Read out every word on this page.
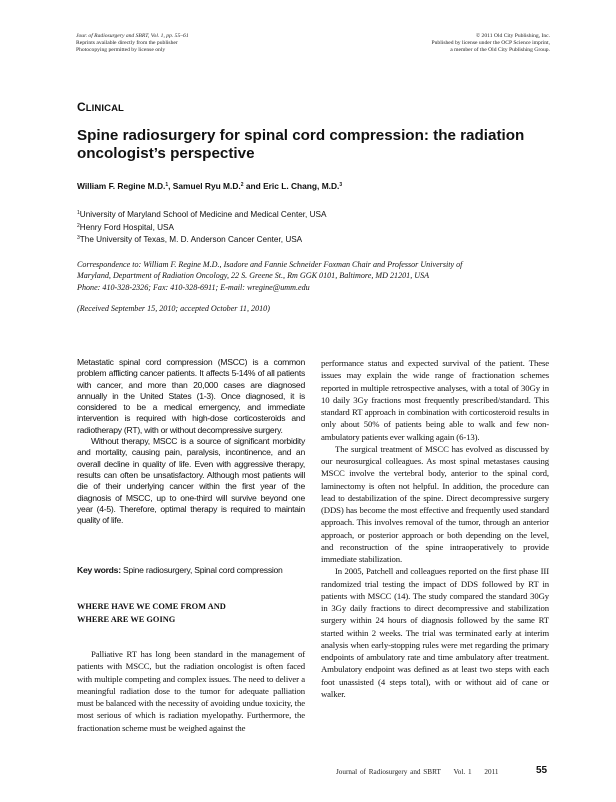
Jour. of Radiosurgery and SBRT, Vol. 1, pp. 55–61
Reprints available directly from the publisher
Photocopying permitted by license only
© 2011 Old City Publishing, Inc.
Published by license under the OCP Science imprint,
a member of the Old City Publishing Group.
CLINICAL
Spine radiosurgery for spinal cord compression: the radiation oncologist’s perspective
William F. Regine M.D.$^1$, Samuel Ryu M.D.$^2$ and Eric L. Chang, M.D.$^3$
$^1$University of Maryland School of Medicine and Medical Center, USA
$^2$Henry Ford Hospital, USA
$^3$The University of Texas, M. D. Anderson Cancer Center, USA
Correspondence to: William F. Regine M.D., Isadore and Fannie Schneider Foxman Chair and Professor University of
Maryland, Department of Radiation Oncology, 22 S. Greene St., Rm GGK 0101, Baltimore, MD 21201, USA
Phone: 410-328-2326; Fax: 410-328-6911; E-mail: wregine@umm.edu
(Received September 15, 2010; accepted October 11, 2010)

Metastatic spinal cord compression (MSCC) is a common problem afflicting cancer patients. It affects 5-14% of all patients with cancer, and more than 20,000 cases are diagnosed annually in the United States (1-3). Once diagnosed, it is considered to be a medical emergency, and immediate intervention is required with high-dose corticosteroids and radiotherapy (RT), with or without decompressive surgery.

Without therapy, MSCC is a source of significant morbidity and mortality, causing pain, paralysis, incontinence, and an overall decline in quality of life. Even with aggressive therapy, results can often be unsatisfactory. Although most patients will die of their underlying cancer within the first year of the diagnosis of MSCC, up to one-third will survive beyond one year (4-5). Therefore, optimal therapy is required to maintain quality of life.

Key words: Spine radiosurgery, Spinal cord compression
WHERE HAVE WE COME FROM AND
WHERE ARE WE GOING

Palliative RT has long been standard in the management of patients with MSCC, but the radiation oncologist is often faced with multiple competing and complex issues. The need to deliver a meaningful radiation dose to the tumor for adequate palliation must be balanced with the necessity of avoiding undue toxicity, the most serious of which is radiation myelopathy. Furthermore, the fractionation scheme must be weighed against the

performance status and expected survival of the patient. These issues may explain the wide range of fractionation schemes reported in multiple retrospective analyses, with a total of 30Gy in 10 daily 3Gy fractions most frequently prescribed/standard. This standard RT approach in combination with corticosteroid results in only about 50% of patients being able to walk and few non-ambulatory patients ever walking again (6-13).

The surgical treatment of MSCC has evolved as discussed by our neurosurgical colleagues. As most spinal metastases causing MSCC involve the vertebral body, anterior to the spinal cord, laminectomy is often not helpful. In addition, the procedure can lead to destabilization of the spine. Direct decompressive surgery (DDS) has become the most effective and frequently used standard approach. This involves removal of the tumor, through an anterior approach, or posterior approach or both depending on the level, and reconstruction of the spine intraoperatively to provide immediate stabilization.

In 2005, Patchell and colleagues reported on the first phase III randomized trial testing the impact of DDS followed by RT in patients with MSCC (14). The study compared the standard 30Gy in 3Gy daily fractions to direct decompressive and stabilization surgery within 24 hours of diagnosis followed by the same RT started within 2 weeks. The trial was terminated early at interim analysis when early-stopping rules were met regarding the primary endpoints of ambulatory rate and time ambulatory after treatment. Ambulatory endpoint was defined as at least two steps with each foot unassisted (4 steps total), with or without aid of cane or walker.

Journal of Radiosurgery and SBRT Vol. 1 2011	55
